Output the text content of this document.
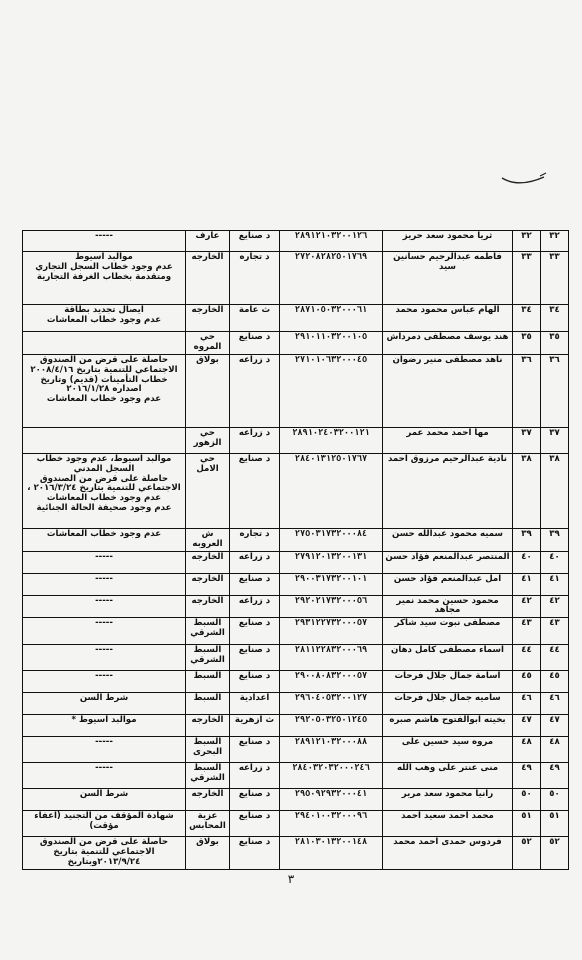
٣٢	٣٢	ثريا محمود سعد حريز	٢٨٩١٢١٠٣٢٠٠١٢٦	د صنايع	عارف	-----

٣٣	٣٣	فاطمه عبدالرحيم حسانين سيد	٢٧٢٠٨٢٨٢٥٠١٧٦٩	د تجاره	الخارجه	موالبد اسيوط
عدم وجود خطاب السجل التجاري ومتقدمة بخطاب الغرفة التجارية

٣٤	٣٤	الهام عباس محمود محمد	٢٨٧١٠٥٠٣٢٠٠٠٦١	ث عامة	الخارجه	ايصال تجديد بطاقة
عدم وجود خطاب المعاشات

٣٥	٣٥	هند يوسف مصطفى دمرداش	٢٩١٠١١٠٣٢٠٠١٠٥	د صنايع	حي المروه	

٣٦	٣٦	ناهد مصطفى منير رضوان	٢٧١٠١٠٦٣٢٠٠٠٤٥	د زراعه	بولاق	حاصلة على قرض من الصندوق الاجتماعي للتنمية بتاريخ ٢٠٠٨/٤/١٦
خطاب التأمينات (قديم) وتاريخ اصداره ٢٠١٦/١/٢٨
عدم وجود خطاب المعاشات

٣٧	٣٧	مها احمد محمد عمر	٢٨٩١٠٢٤٠٣٢٠٠١٢١	د زراعه	حي الزهور	

٣٨	٣٨	نادية عبدالرحيم مرزوق احمد	٢٨٤٠١٣١٢٥٠١٧٦٧	د صنايع	حي الامل	موالبد اسيوط، عدم وجود خطاب السجل المدني
حاصلة على قرض من الصندوق الاجتماعي للتنمية بتاريخ ٢٠١٦/٣/٢٤ ، عدم وجود خطاب المعاشات
عدم وجود صحيفة الحالة الجنائية

٣٩	٣٩	سميه محمود عبدالله حسن	٢٧٥٠٣١٧٣٢٠٠٠٨٤	د تجاره	ش العروبه	عدم وجود خطاب المعاشات

٤٠	٤٠	المنتصر عبدالمنعم فؤاد حسن	٢٧٩١٢٠١٣٢٠٠١٣١	د زراعه	الخارجه	-----

٤١	٤١	امل عبدالمنعم فؤاد حسن	٢٩٠٠٣١٧٣٢٠٠١٠١	د صنايع	الخارجه	-----

٤٢	٤٢	محمود حسين محمد نمير مجاهد	٢٩٢٠٢١٧٣٢٠٠٠٥٦	د زراعه	الخارجه	-----

٤٣	٤٣	مصطفى نبوت سيد شاكر	٢٩٣١٢٢٧٣٢٠٠٠٥٧	د صنايع	السبط الشرقي	-----

٤٤	٤٤	اسماء مصطفى كامل دهان	٢٨١١٢٢٨٣٢٠٠٠٦٩	د صنايع	السبط الشرقي	-----

٤٥	٤٥	اسامة جمال جلال فرحات	٢٩٠٠٨٠٨٣٢٠٠٠٥٧	د صنايع	السبط	-----

٤٦	٤٦	ساميه جمال جلال فرحات	٢٩٦٠٤٠٥٣٢٠٠١٢٧	اعدادية	السبط	شرط السن

٤٧	٤٧	بخيته ابوالفتوح هاشم صبره	٢٩٢٠٥٠٣٢٥٠١٢٤٥	ث ازهرية	الخارجه	موالبد اسيوط *

٤٨	٤٨	مروه سيد حسين على	٢٨٩١٢١٠٣٢٠٠٠٨٨	د صنايع	السبط البحرى	-----

٤٩	٤٩	منى عنتر على وهب الله	٢٨٤٠٣٢٠٣٢٠٠٠٢٤٦	د زراعه	السبط الشرقي	-----

٥٠	٥٠	رانيا محمود سعد مرير	٢٩٥٠٩٢٩٣٢٠٠٠٤١	د صنايع	الخارجه	شرط السن

٥١	٥١	محمد احمد سعيد احمد	٢٩٤٠١٠٠٣٢٠٠٠٩٦	د صنايع	عزبة المحابس	شهادة المؤقف من التجنيد (اعفاء مؤقت)

٥٢	٥٢	فردوس حمدى احمد محمد	٢٨١٠٣٠١٣٢٠٠١٤٨	د صنايع	بولاق	حاصلة على قرض من الصندوق الاجتماعي للتنمية بتاريخ ٢٠١٣/٩/٢٤وبتاريخ
٣
